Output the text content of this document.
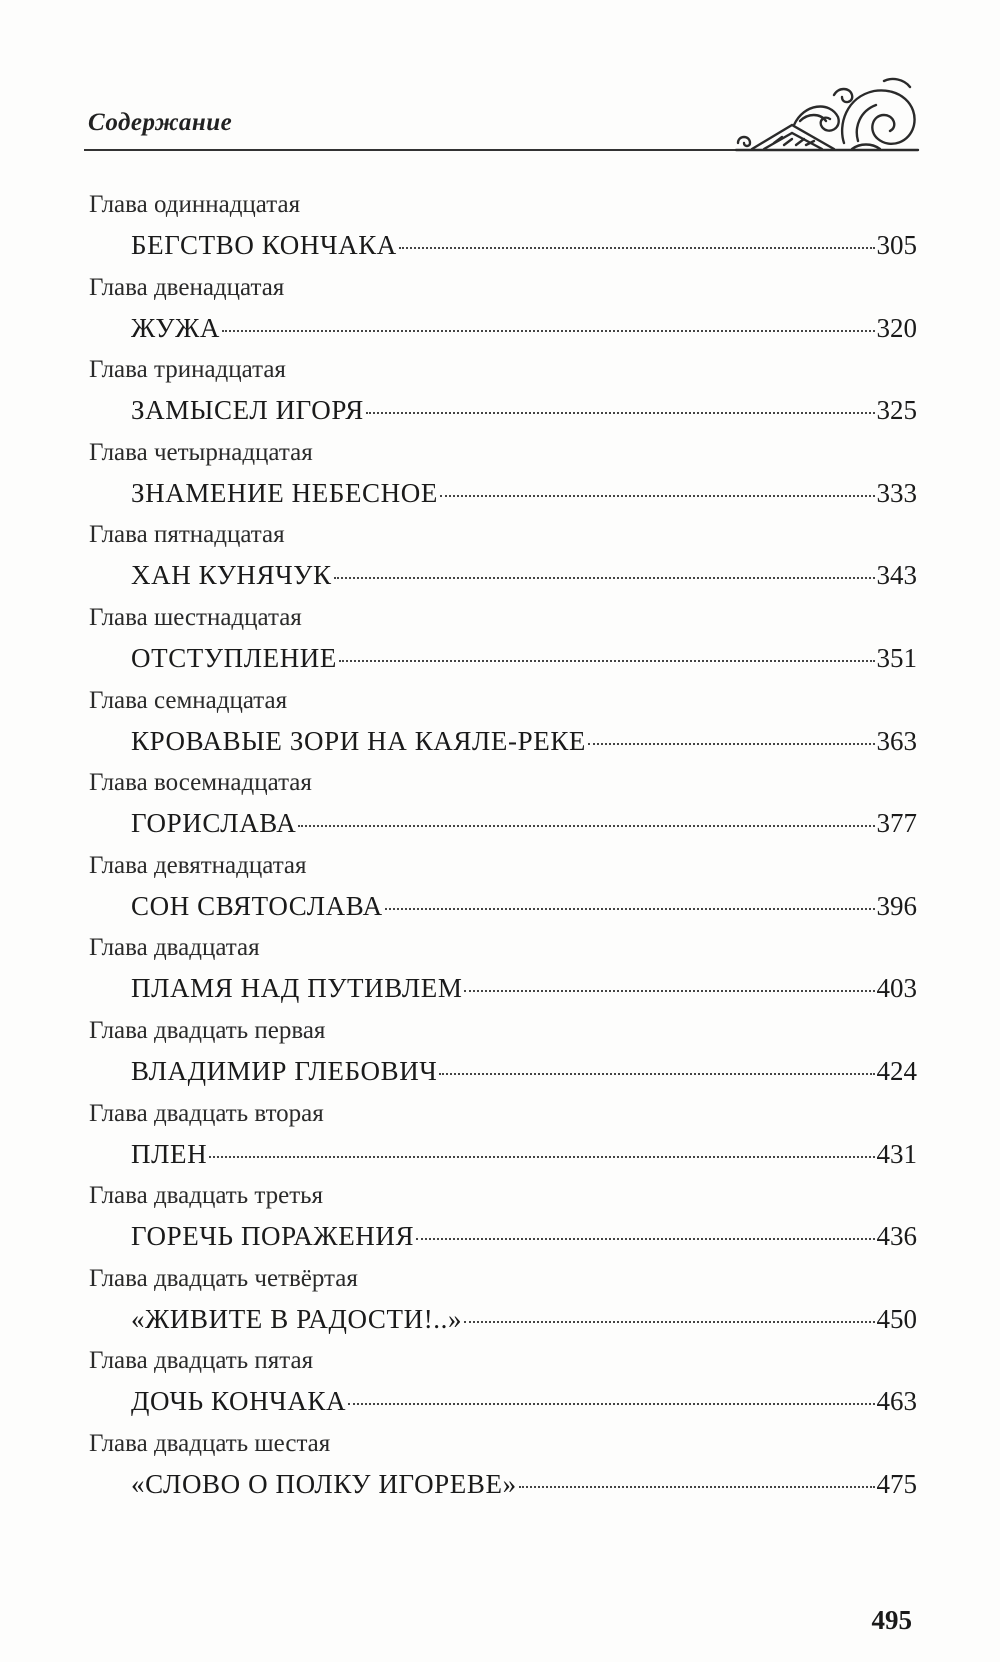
Содержание
Глава одиннадцатая
БЕГСТВО КОНЧАКА	305
Глава двенадцатая
ЖУЖА	320
Глава тринадцатая
ЗАМЫСЕЛ ИГОРЯ	325
Глава четырнадцатая
ЗНАМЕНИЕ НЕБЕСНОЕ	333
Глава пятнадцатая
ХАН КУНЯЧУК	343
Глава шестнадцатая
ОТСТУПЛЕНИЕ	351
Глава семнадцатая
КРОВАВЫЕ ЗОРИ НА КАЯЛЕ-РЕКЕ	363
Глава восемнадцатая
ГОРИСЛАВА	377
Глава девятнадцатая
СОН СВЯТОСЛАВА	396
Глава двадцатая
ПЛАМЯ НАД ПУТИВЛЕМ	403
Глава двадцать первая
ВЛАДИМИР ГЛЕБОВИЧ	424
Глава двадцать вторая
ПЛЕН	431
Глава двадцать третья
ГОРЕЧЬ ПОРАЖЕНИЯ	436
Глава двадцать четвёртая
«ЖИВИТЕ В РАДОСТИ!..»	450
Глава двадцать пятая
ДОЧЬ КОНЧАКА	463
Глава двадцать шестая
«СЛОВО О ПОЛКУ ИГОРЕВЕ»	475
495
